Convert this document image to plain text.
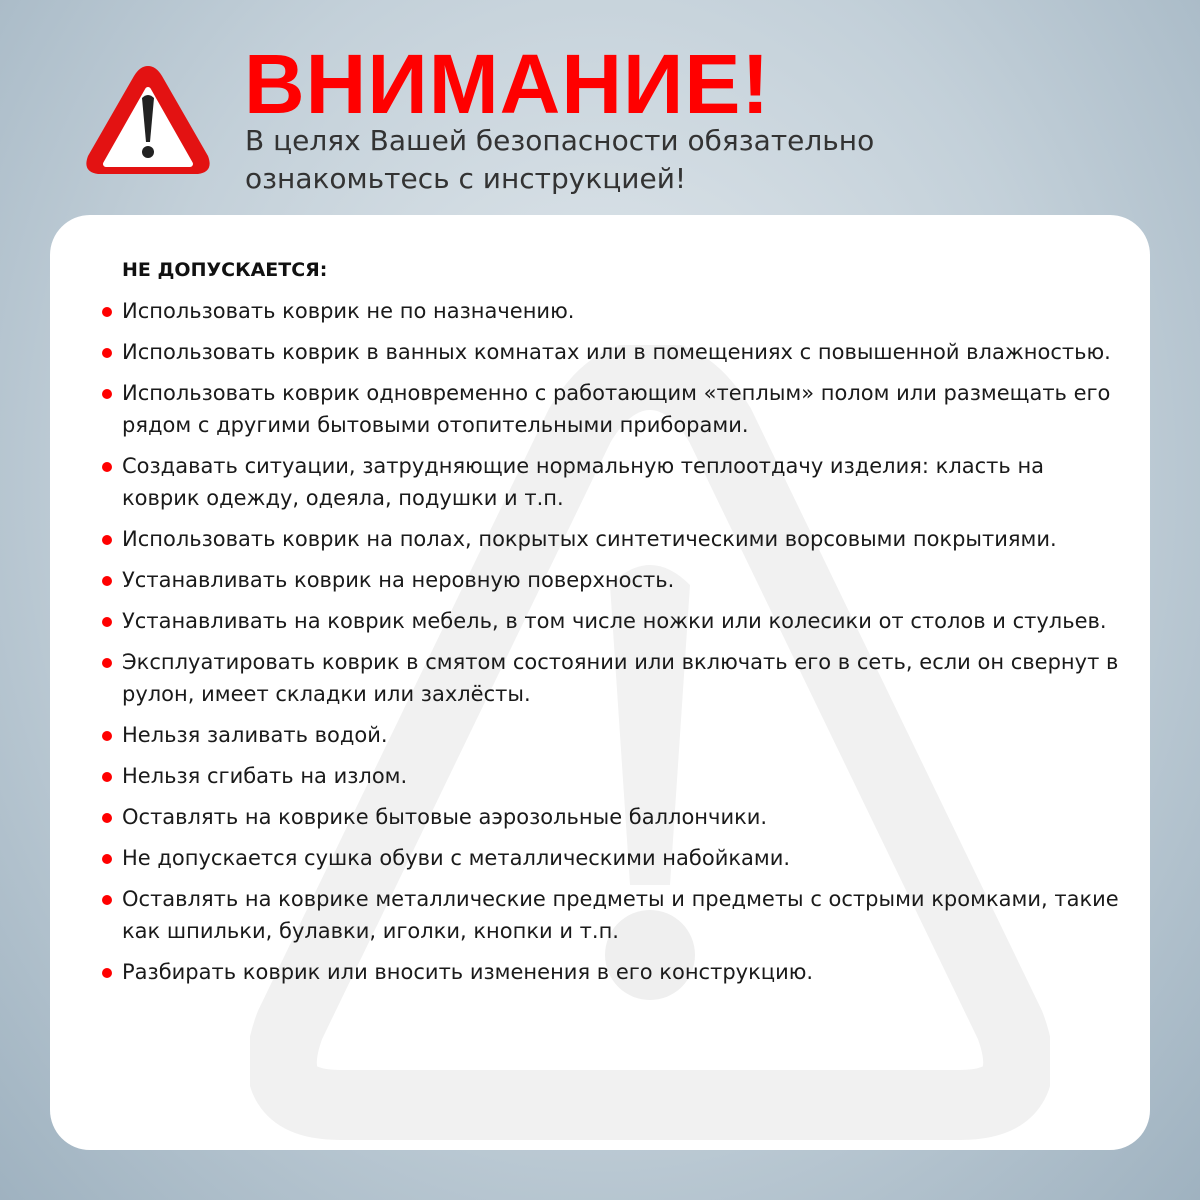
ВНИМАНИЕ!
В целях Вашей безопасности обязательно
ознакомьтесь с инструкцией!
НЕ ДОПУСКАЕТСЯ:
Использовать коврик не по назначению.
Использовать коврик в ванных комнатах или в помещениях с повышенной влажностью.
Использовать коврик одновременно с работающим «теплым» полом или размещать его рядом с другими бытовыми отопительными приборами.
Создавать ситуации, затрудняющие нормальную теплоотдачу изделия: класть на коврик одежду, одеяла, подушки и т.п.
Использовать коврик на полах, покрытых синтетическими ворсовыми покрытиями.
Устанавливать коврик на неровную поверхность.
Устанавливать на коврик мебель, в том числе ножки или колесики от столов и стульев.
Эксплуатировать коврик в смятом состоянии или включать его в сеть, если он свернут в рулон, имеет складки или захлёсты.
Нельзя заливать водой.
Нельзя сгибать на излом.
Оставлять на коврике бытовые аэрозольные баллончики.
Не допускается сушка обуви с металлическими набойками.
Оставлять на коврике металлические предметы и предметы с острыми кромками, такие как шпильки, булавки, иголки, кнопки и т.п.
Разбирать коврик или вносить изменения в его конструкцию.
